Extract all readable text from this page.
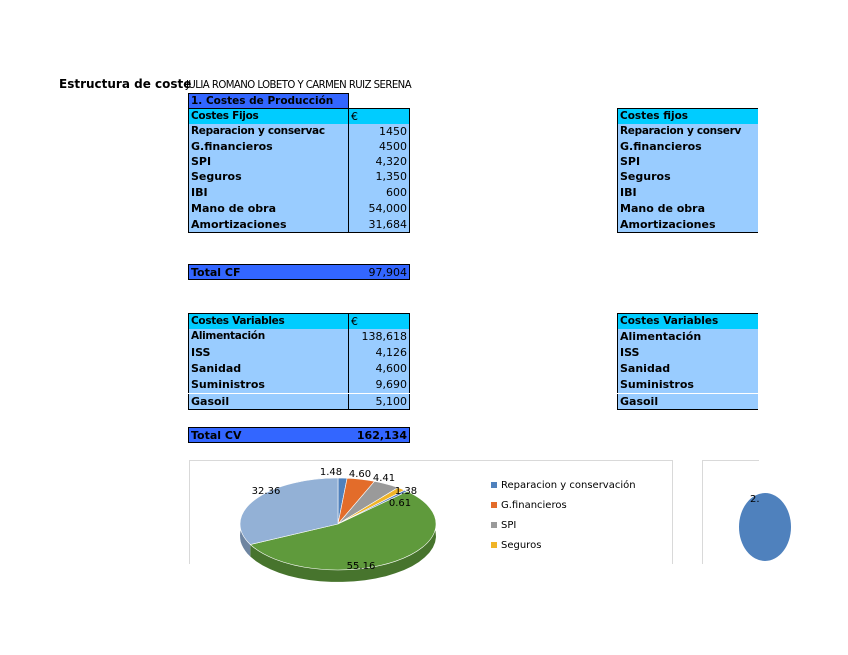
Estructura de coste
JULIA ROMANO LOBETO Y CARMEN RUIZ SERENA
1. Costes de Producción
Costes Fijos	€
Reparacion y conservac	1450
G.financieros	4500
SPI	4,320
Seguros	1,350
IBI	600
Mano de obra	54,000
Amortizaciones	31,684
Total CF	97,904
Costes Variables	€
Alimentación	138,618
ISS	4,126
Sanidad	4,600
Suministros	9,690
Gasoil	5,100
Total CV	162,134
Costes fijos
Reparacion y conserv
G.financieros
SPI
Seguros
IBI
Mano de obra
Amortizaciones
Costes Variables
Alimentación
ISS
Sanidad
Suministros
Gasoil
1.48 4.60 4.41
1.38
0.61
55.16
32.36
Reparacion y conservación
G.financieros
SPI
Seguros
2.
